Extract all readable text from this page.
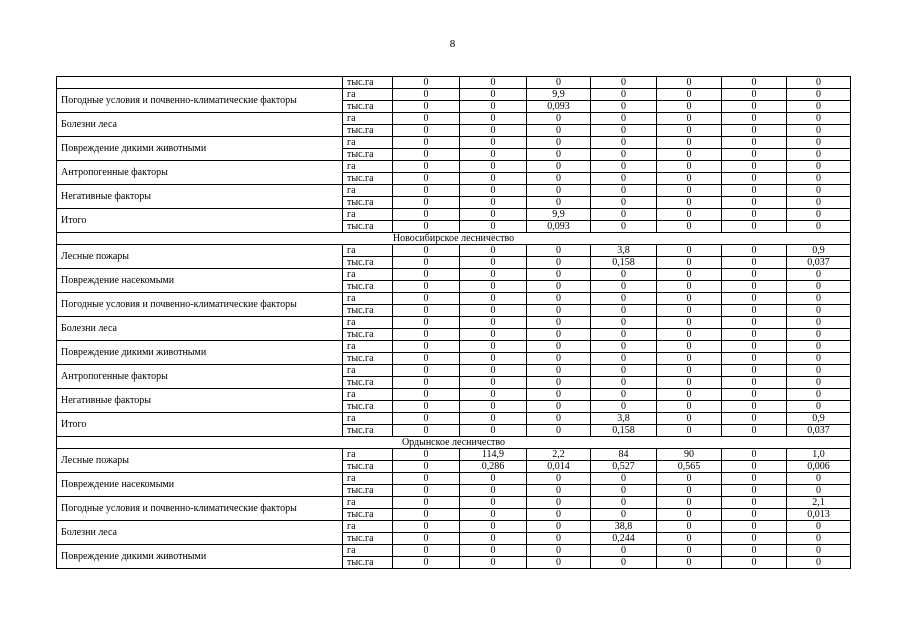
8
	тыс.га	0	0	0	0	0	0	0
Погодные условия и почвенно-климатические факторы	га	0	0	9,9	0	0	0	0
	тыс.га	0	0	0,093	0	0	0	0
Болезни леса	га	0	0	0	0	0	0	0
	тыс.га	0	0	0	0	0	0	0
Повреждение дикими животными	га	0	0	0	0	0	0	0
	тыс.га	0	0	0	0	0	0	0
Антропогенные факторы	га	0	0	0	0	0	0	0
	тыс.га	0	0	0	0	0	0	0
Негативные факторы	га	0	0	0	0	0	0	0
	тыс.га	0	0	0	0	0	0	0
Итого	га	0	0	9,9	0	0	0	0
	тыс.га	0	0	0,093	0	0	0	0
Новосибирское лесничество								
Лесные пожары	га	0	0	0	3,8	0	0	0,9
	тыс.га	0	0	0	0,158	0	0	0,037
Повреждение насекомыми	га	0	0	0	0	0	0	0
	тыс.га	0	0	0	0	0	0	0
Погодные условия и почвенно-климатические факторы	га	0	0	0	0	0	0	0
	тыс.га	0	0	0	0	0	0	0
Болезни леса	га	0	0	0	0	0	0	0
	тыс.га	0	0	0	0	0	0	0
Повреждение дикими животными	га	0	0	0	0	0	0	0
	тыс.га	0	0	0	0	0	0	0
Антропогенные факторы	га	0	0	0	0	0	0	0
	тыс.га	0	0	0	0	0	0	0
Негативные факторы	га	0	0	0	0	0	0	0
	тыс.га	0	0	0	0	0	0	0
Итого	га	0	0	0	3,8	0	0	0,9
	тыс.га	0	0	0	0,158	0	0	0,037
Ордынское лесничество								
Лесные пожары	га	0	114,9	2,2	84	90	0	1,0
	тыс.га	0	0,286	0,014	0,527	0,565	0	0,006
Повреждение насекомыми	га	0	0	0	0	0	0	0
	тыс.га	0	0	0	0	0	0	0
Погодные условия и почвенно-климатические факторы	га	0	0	0	0	0	0	2,1
	тыс.га	0	0	0	0	0	0	0,013
Болезни леса	га	0	0	0	38,8	0	0	0
	тыс.га	0	0	0	0,244	0	0	0
Повреждение дикими животными	га	0	0	0	0	0	0	0
	тыс.га	0	0	0	0	0	0	0
